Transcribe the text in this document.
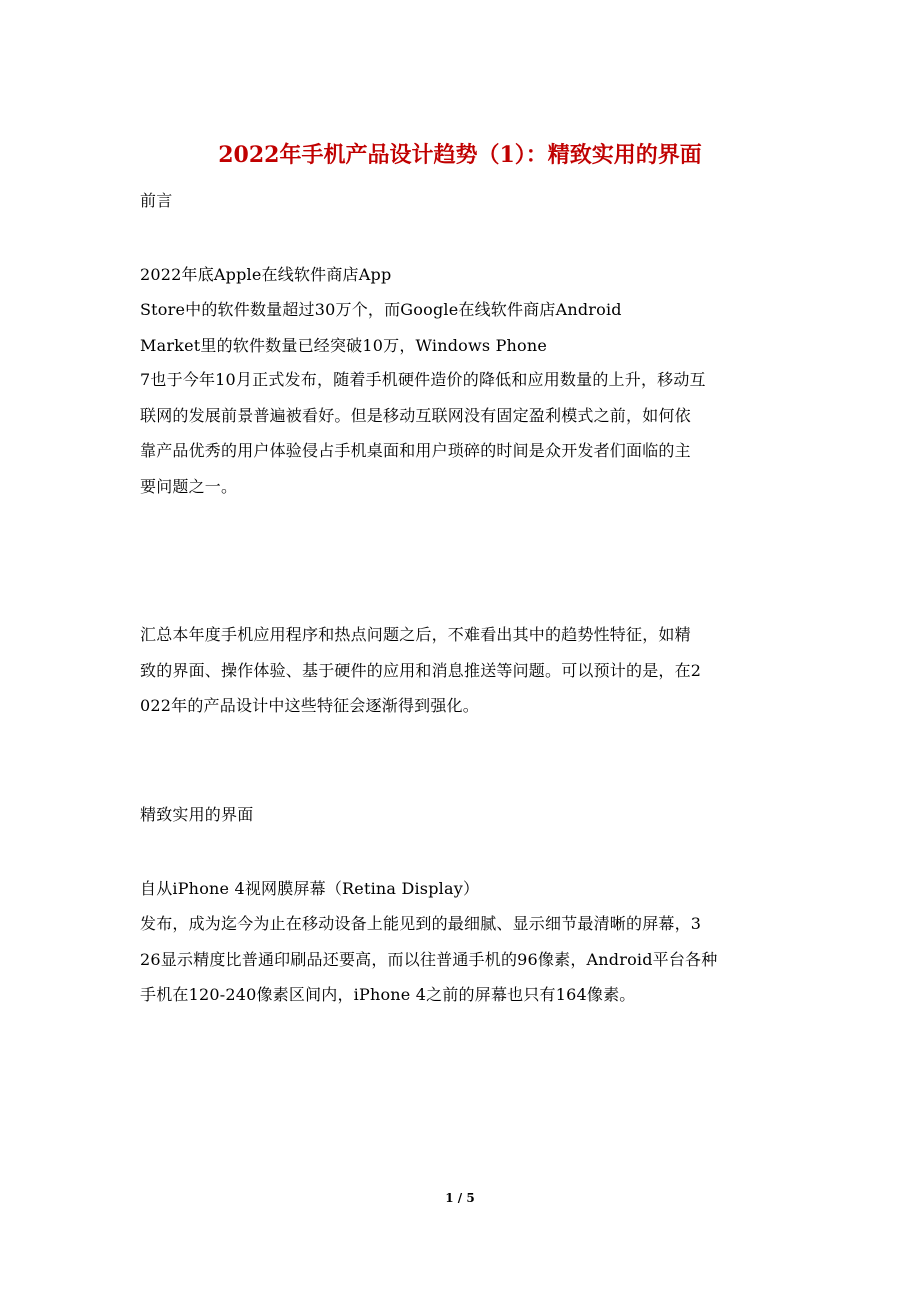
2022年手机产品设计趋势（1）：精致实用的界面
前言
2022年底Apple在线软件商店App
Store中的软件数量超过30万个，而Google在线软件商店Android
Market里的软件数量已经突破10万，Windows Phone
7也于今年10月正式发布，随着手机硬件造价的降低和应用数量的上升，移动互
联网的发展前景普遍被看好。但是移动互联网没有固定盈利模式之前，如何依
靠产品优秀的用户体验侵占手机桌面和用户琐碎的时间是众开发者们面临的主
要问题之一。
汇总本年度手机应用程序和热点问题之后，不难看出其中的趋势性特征，如精
致的界面、操作体验、基于硬件的应用和消息推送等问题。可以预计的是，在2
022年的产品设计中这些特征会逐渐得到强化。
精致实用的界面
自从iPhone 4视网膜屏幕（Retina Display）
发布，成为迄今为止在移动设备上能见到的最细腻、显示细节最清晰的屏幕，3
26显示精度比普通印刷品还要高，而以往普通手机的96像素，Android平台各种
手机在120-240像素区间内，iPhone 4之前的屏幕也只有164像素。
1 / 5
